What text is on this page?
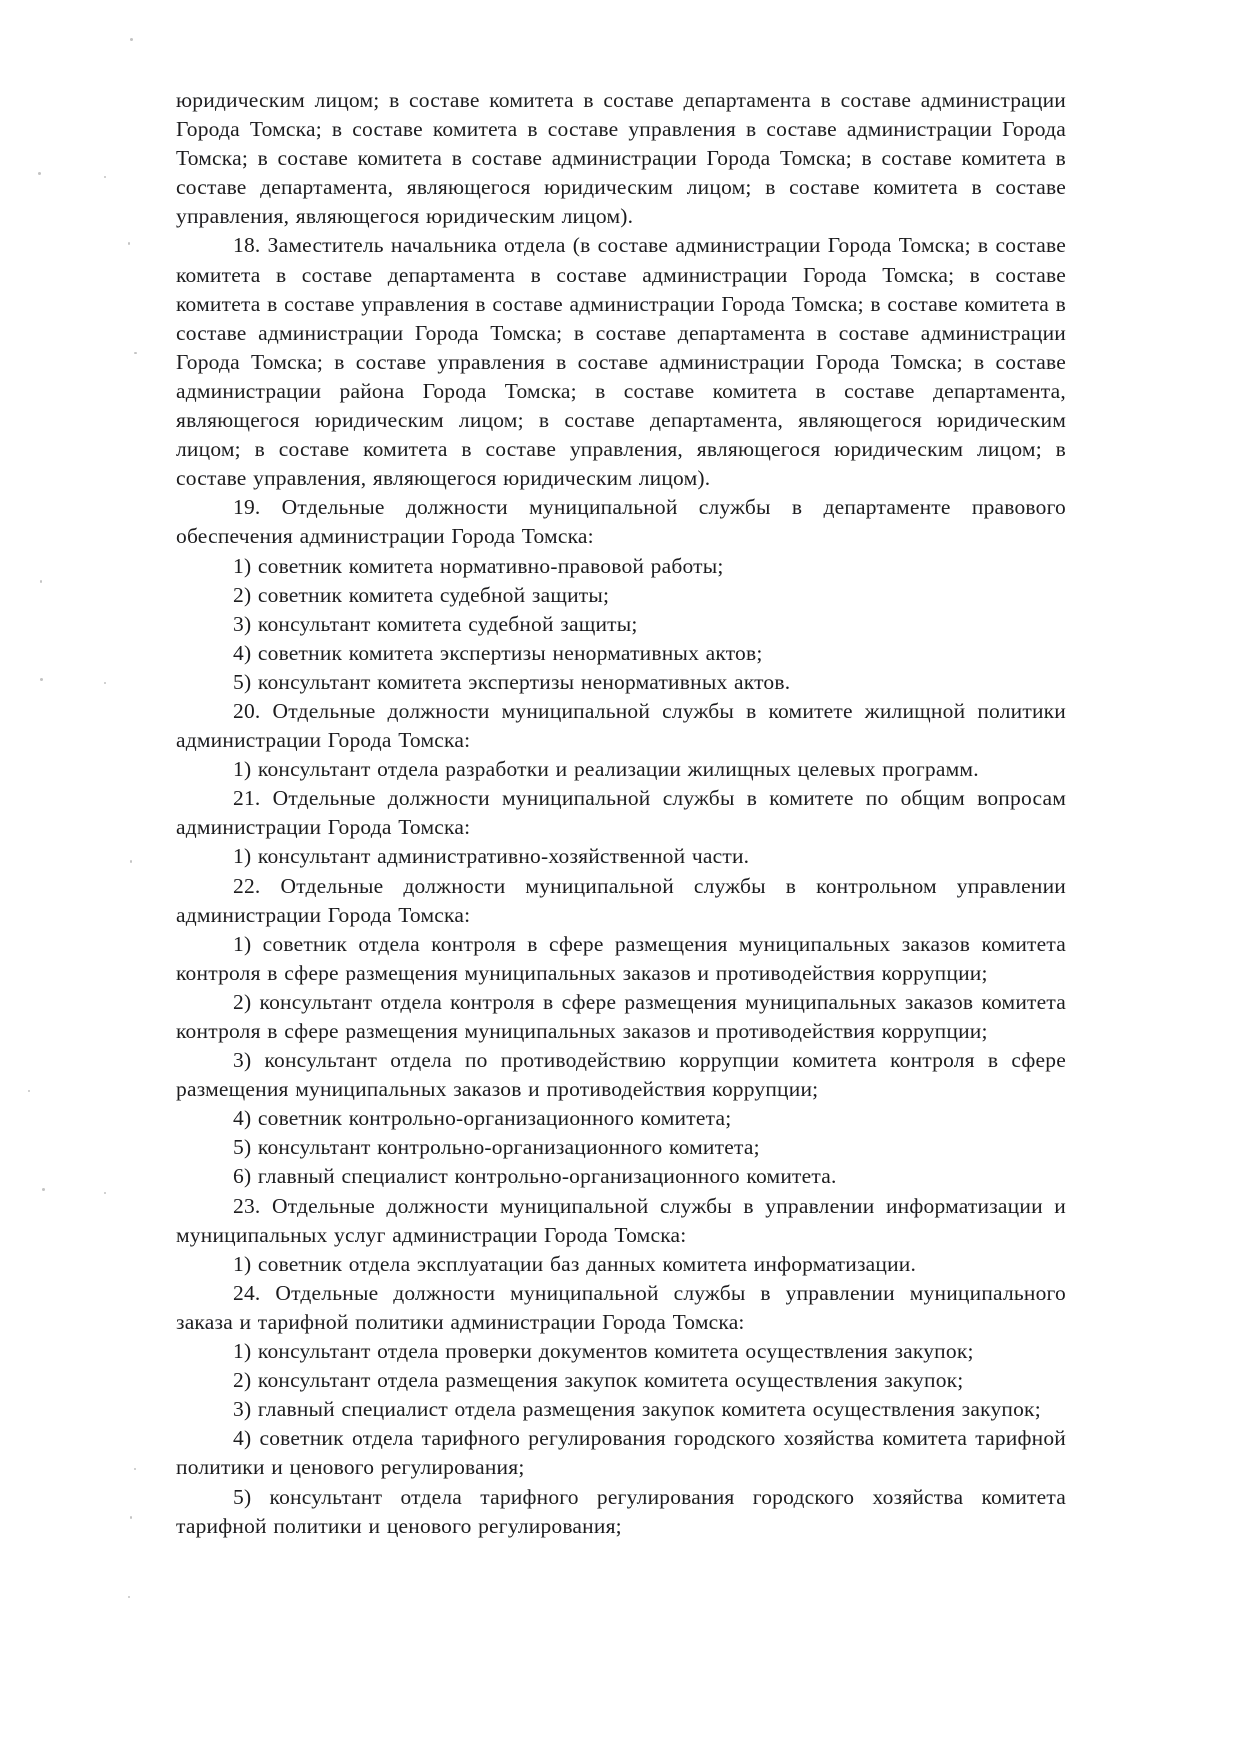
юридическим лицом; в составе комитета в составе департамента в составе администрации Города Томска; в составе комитета в составе управления в составе администрации Города Томска; в составе комитета в составе администрации Города Томска; в составе комитета в составе департамента, являющегося юридическим лицом; в составе комитета в составе управления, являющегося юридическим лицом).

18. Заместитель начальника отдела (в составе администрации Города Томска; в составе комитета в составе департамента в составе администрации Города Томска; в составе комитета в составе управления в составе администрации Города Томска; в составе комитета в составе администрации Города Томска; в составе департамента в составе администрации Города Томска; в составе управления в составе администрации Города Томска; в составе администрации района Города Томска; в составе комитета в составе департамента, являющегося юридическим лицом; в составе департамента, являющегося юридическим лицом; в составе комитета в составе управления, являющегося юридическим лицом; в составе управления, являющегося юридическим лицом).

19. Отдельные должности муниципальной службы в департаменте правового обеспечения администрации Города Томска:

1) советник комитета нормативно-правовой работы;

2) советник комитета судебной защиты;

3) консультант комитета судебной защиты;

4) советник комитета экспертизы ненормативных актов;

5) консультант комитета экспертизы ненормативных актов.

20. Отдельные должности муниципальной службы в комитете жилищной политики администрации Города Томска:

1) консультант отдела разработки и реализации жилищных целевых программ.

21. Отдельные должности муниципальной службы в комитете по общим вопросам администрации Города Томска:

1) консультант административно-хозяйственной части.

22. Отдельные должности муниципальной службы в контрольном управлении администрации Города Томска:

1) советник отдела контроля в сфере размещения муниципальных заказов комитета контроля в сфере размещения муниципальных заказов и противодействия коррупции;

2) консультант отдела контроля в сфере размещения муниципальных заказов комитета контроля в сфере размещения муниципальных заказов и противодействия коррупции;

3) консультант отдела по противодействию коррупции комитета контроля в сфере размещения муниципальных заказов и противодействия коррупции;

4) советник контрольно-организационного комитета;

5) консультант контрольно-организационного комитета;

6) главный специалист контрольно-организационного комитета.

23. Отдельные должности муниципальной службы в управлении информатизации и муниципальных услуг администрации Города Томска:

1) советник отдела эксплуатации баз данных комитета информатизации.

24. Отдельные должности муниципальной службы в управлении муниципального заказа и тарифной политики администрации Города Томска:

1) консультант отдела проверки документов комитета осуществления закупок;

2) консультант отдела размещения закупок комитета осуществления закупок;

3) главный специалист отдела размещения закупок комитета осуществления закупок;

4) советник отдела тарифного регулирования городского хозяйства комитета тарифной политики и ценового регулирования;

5) консультант отдела тарифного регулирования городского хозяйства комитета тарифной политики и ценового регулирования;
